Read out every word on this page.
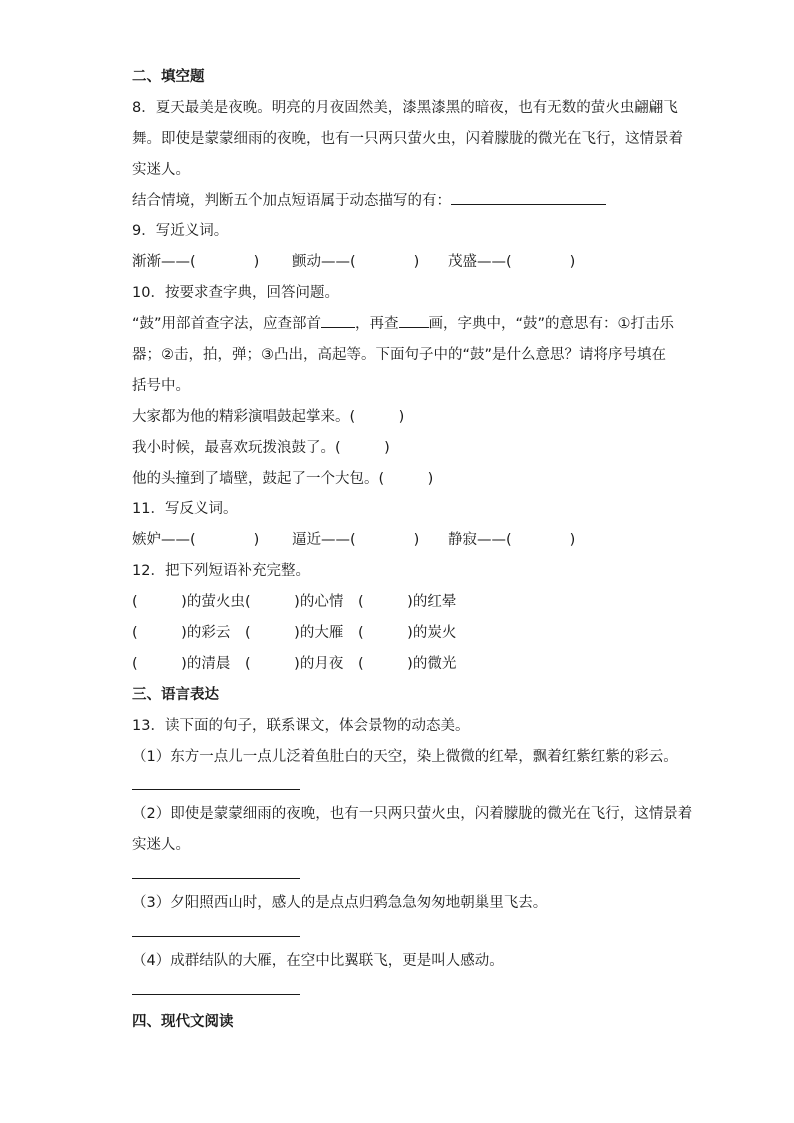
二、填空题
8．夏天最美是夜晚。明亮的月夜固然美，漆黑漆黑的暗夜，也有无数的萤火虫翩翩飞
舞。即使是蒙蒙细雨的夜晚，也有一只两只萤火虫，闪着朦胧的微光在飞行，这情景着
实迷人。
结合情境，判断五个加点短语属于动态描写的有：
9．写近义词。
渐渐——(　　　　)	颤动——(　　　　)	茂盛——(　　　　)
10．按要求查字典，回答问题。
“鼓”用部首查字法，应查部首 ，再查 画，字典中，“鼓”的意思有：①打击乐
器；②击，拍，弹；③凸出，高起等。下面句子中的“鼓”是什么意思？请将序号填在
括号中。
大家都为他的精彩演唱鼓起掌来。(　　　)
我小时候，最喜欢玩拨浪鼓了。(　　　)
他的头撞到了墙壁，鼓起了一个大包。(　　　)
11．写反义词。
嫉妒——(　　　　)	逼近——(　　　　)	静寂——(　　　　)
12．把下列短语补充完整。
(　　　)的萤火虫 (　　　)的心情	(　　　)的红晕
(　　　)的彩云	(　　　)的大雁	(　　　)的炭火
(　　　)的清晨	(　　　)的月夜	(　　　)的微光
三、语言表达
13．读下面的句子，联系课文，体会景物的动态美。
（1）东方一点儿一点儿泛着鱼肚白的天空，染上微微的红晕，飘着红紫红紫的彩云。
（2）即使是蒙蒙细雨的夜晚，也有一只两只萤火虫，闪着朦胧的微光在飞行，这情景着
实迷人。
（3）夕阳照西山时，感人的是点点归鸦急急匆匆地朝巢里飞去。
（4）成群结队的大雁，在空中比翼联飞，更是叫人感动。
四、现代文阅读
